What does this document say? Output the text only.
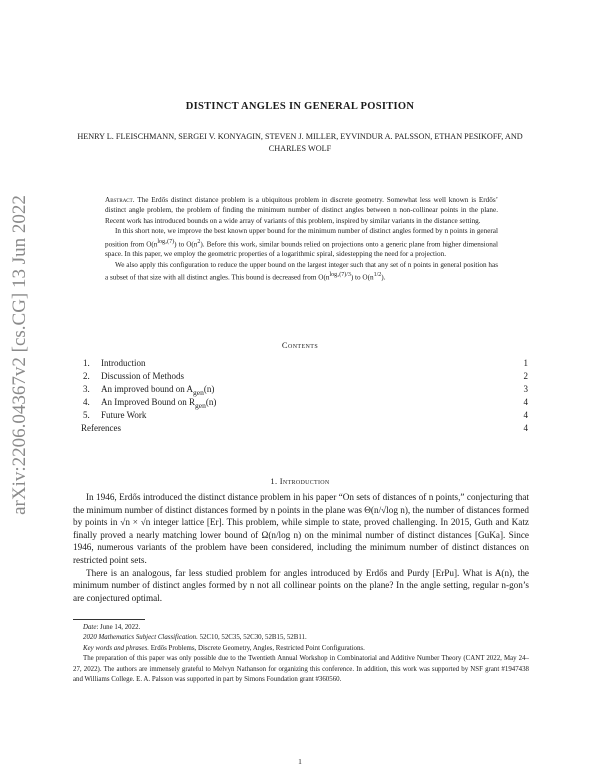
arXiv:2206.04367v2 [cs.CG] 13 Jun 2022
DISTINCT ANGLES IN GENERAL POSITION
HENRY L. FLEISCHMANN, SERGEI V. KONYAGIN, STEVEN J. MILLER, EYVINDUR A. PALSSON, ETHAN PESIKOFF, AND CHARLES WOLF

Abstract. The Erdős distinct distance problem is a ubiquitous problem in discrete geometry. Somewhat less well known is Erdős’ distinct angle problem, the problem of finding the minimum number of distinct angles between n non-collinear points in the plane. Recent work has introduced bounds on a wide array of variants of this problem, inspired by similar variants in the distance setting.

In this short note, we improve the best known upper bound for the minimum number of distinct angles formed by n points in general position from $O(n^{log_2(7)})$ to $O(n^2)$. Before this work, similar bounds relied on projections onto a generic plane from higher dimensional space. In this paper, we employ the geometric properties of a logarithmic spiral, sidestepping the need for a projection.

We also apply this configuration to reduce the upper bound on the largest integer such that any set of n points in general position has a subset of that size with all distinct angles. This bound is decreased from $O(n^{log_2(7)/3})$ to $O(n^{1/2})$.

Contents
1. Introduction	1
2. Discussion of Methods	2
3. An improved bound on $A_{gen}(n)$	3
4. An Improved Bound on $R_{gen}(n)$	4
5. Future Work	4
References	4
1. Introduction

In 1946, Erdős introduced the distinct distance problem in his paper “On sets of distances of n points,” conjecturing that the minimum number of distinct distances formed by n points in the plane was Θ(n/√log n), the number of distances formed by points in √n × √n integer lattice [Er]. This problem, while simple to state, proved challenging. In 2015, Guth and Katz finally proved a nearly matching lower bound of Ω(n/log n) on the minimal number of distinct distances [GuKa]. Since 1946, numerous variants of the problem have been considered, including the minimum number of distinct distances on restricted point sets.

There is an analogous, far less studied problem for angles introduced by Erdős and Purdy [ErPu]. What is A(n), the minimum number of distinct angles formed by n not all collinear points on the plane? In the angle setting, regular n-gon’s are conjectured optimal.

Date: June 14, 2022.

2020 Mathematics Subject Classification. 52C10, 52C35, 52C30, 52B15, 52B11.

Key words and phrases. Erdős Problems, Discrete Geometry, Angles, Restricted Point Configurations.

The preparation of this paper was only possible due to the Twentieth Annual Workshop in Combinatorial and Additive Number Theory (CANT 2022, May 24–27, 2022). The authors are immensely grateful to Melvyn Nathanson for organizing this conference. In addition, this work was supported by NSF grant #1947438 and Williams College. E. A. Palsson was supported in part by Simons Foundation grant #360560.

1
